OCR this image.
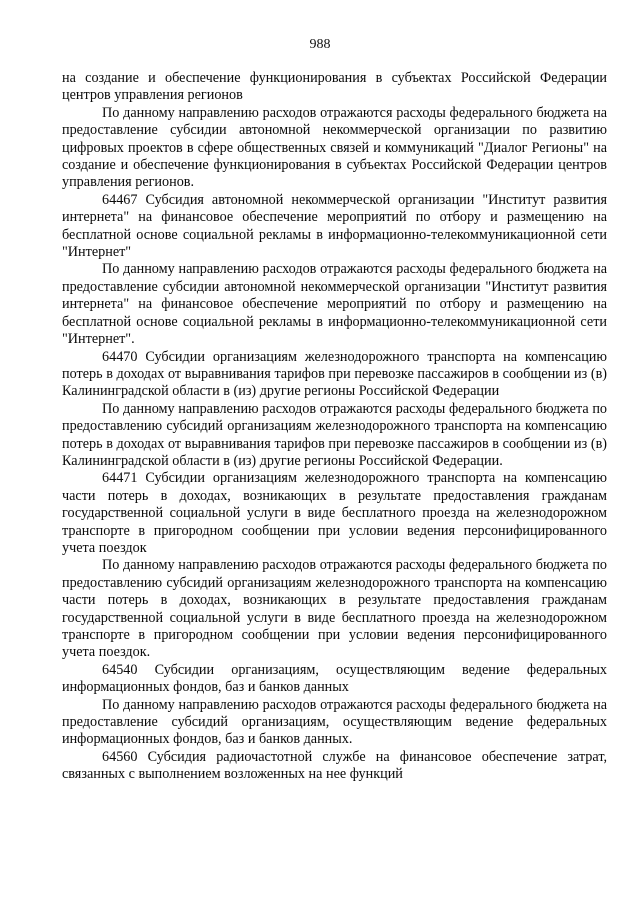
988

на создание и обеспечение функционирования в субъектах Российской Федерации центров управления регионов

По данному направлению расходов отражаются расходы федерального бюджета на предоставление субсидии автономной некоммерческой организации по развитию цифровых проектов в сфере общественных связей и коммуникаций "Диалог Регионы" на создание и обеспечение функционирования в субъектах Российской Федерации центров управления регионов.

64467 Субсидия автономной некоммерческой организации "Институт развития интернета" на финансовое обеспечение мероприятий по отбору и размещению на бесплатной основе социальной рекламы в информационно-телекоммуникационной сети "Интернет"

По данному направлению расходов отражаются расходы федерального бюджета на предоставление субсидии автономной некоммерческой организации "Институт развития интернета" на финансовое обеспечение мероприятий по отбору и размещению на бесплатной основе социальной рекламы в информационно-телекоммуникационной сети "Интернет".

64470 Субсидии организациям железнодорожного транспорта на компенсацию потерь в доходах от выравнивания тарифов при перевозке пассажиров в сообщении из (в) Калининградской области в (из) другие регионы Российской Федерации

По данному направлению расходов отражаются расходы федерального бюджета по предоставлению субсидий организациям железнодорожного транспорта на компенсацию потерь в доходах от выравнивания тарифов при перевозке пассажиров в сообщении из (в) Калининградской области в (из) другие регионы Российской Федерации.

64471 Субсидии организациям железнодорожного транспорта на компенсацию части потерь в доходах, возникающих в результате предоставления гражданам государственной социальной услуги в виде бесплатного проезда на железнодорожном транспорте в пригородном сообщении при условии ведения персонифицированного учета поездок

По данному направлению расходов отражаются расходы федерального бюджета по предоставлению субсидий организациям железнодорожного транспорта на компенсацию части потерь в доходах, возникающих в результате предоставления гражданам государственной социальной услуги в виде бесплатного проезда на железнодорожном транспорте в пригородном сообщении при условии ведения персонифицированного учета поездок.

64540 Субсидии организациям, осуществляющим ведение федеральных информационных фондов, баз и банков данных

По данному направлению расходов отражаются расходы федерального бюджета на предоставление субсидий организациям, осуществляющим ведение федеральных информационных фондов, баз и банков данных.

64560 Субсидия радиочастотной службе на финансовое обеспечение затрат, связанных с выполнением возложенных на нее функций
